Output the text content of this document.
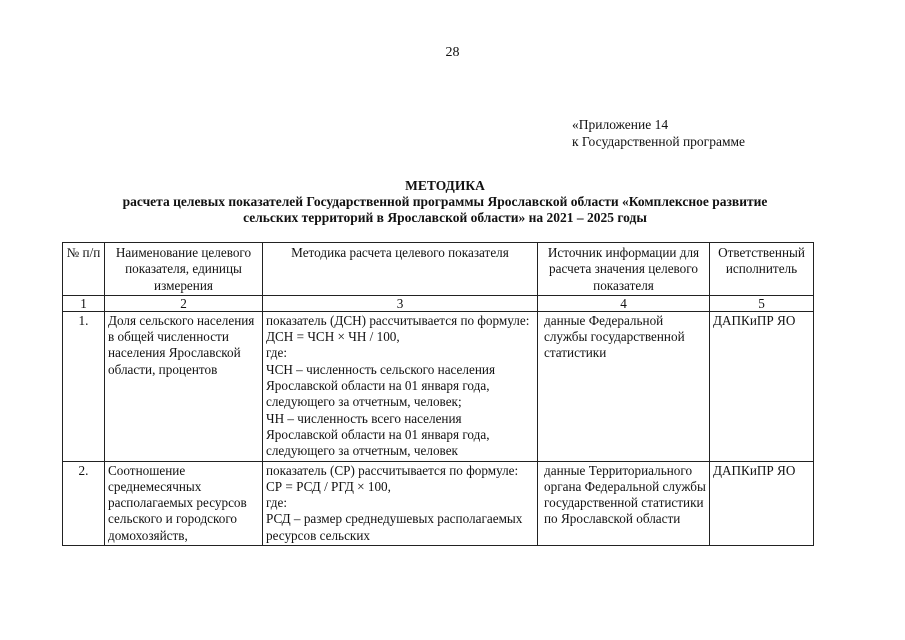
28
«Приложение 14
к Государственной программе
МЕТОДИКА
расчета целевых показателей Государственной программы Ярославской области «Комплексное развитие
сельских территорий в Ярославской области» на 2021 – 2025 годы
№ п/п	Наименование целевого показателя, единицы измерения	Методика расчета целевого показателя	Источник информации для расчета значения целевого показателя	Ответственный исполнитель
1	2	3	4	5
1.	Доля сельского населения в общей численности населения Ярославской области, процентов	показатель (ДСН) рассчитывается по формуле:
ДСН = ЧСН × ЧН / 100,
где:
ЧСН – численность сельского населения Ярославской области на 01 января года, следующего за отчетным, человек;
ЧН – численность всего населения Ярославской области на 01 января года, следующего за отчетным, человек	данные Федеральной службы государственной статистики	ДАПКиПР ЯО
2.	Соотношение среднемесячных располагаемых ресурсов сельского и городского домохозяйств,	показатель (СР) рассчитывается по формуле:
СР = РСД / РГД × 100,
где:
РСД – размер среднедушевых располагаемых ресурсов сельских	данные Территориального органа Федеральной службы государственной статистики по Ярославской области	ДАПКиПР ЯО
